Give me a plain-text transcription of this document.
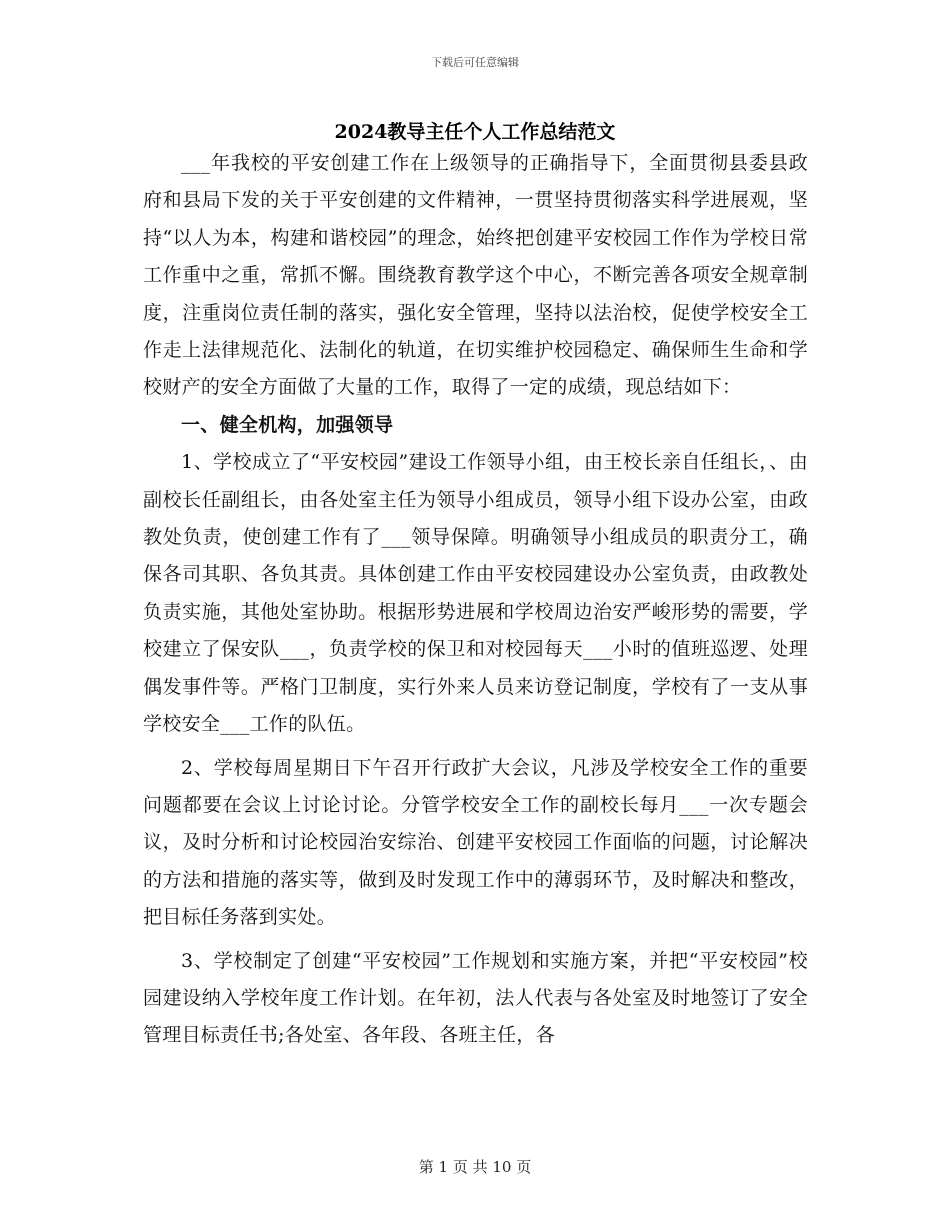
下载后可任意编辑
2024教导主任个人工作总结范文

___年我校的平安创建工作在上级领导的正确指导下，全面贯彻县委县政府和县局下发的关于平安创建的文件精神，一贯坚持贯彻落实科学进展观，坚持“以人为本，构建和谐校园”的理念，始终把创建平安校园工作作为学校日常工作重中之重，常抓不懈。围绕教育教学这个中心，不断完善各项安全规章制度，注重岗位责任制的落实，强化安全管理，坚持以法治校，促使学校安全工作走上法律规范化、法制化的轨道，在切实维护校园稳定、确保师生生命和学校财产的安全方面做了大量的工作，取得了一定的成绩，现总结如下：

一、健全机构，加强领导

1、学校成立了“平安校园”建设工作领导小组，由王校长亲自任组长，、由副校长任副组长，由各处室主任为领导小组成员，领导小组下设办公室，由政教处负责，使创建工作有了___领导保障。明确领导小组成员的职责分工，确保各司其职、各负其责。具体创建工作由平安校园建设办公室负责，由政教处负责实施，其他处室协助。根据形势进展和学校周边治安严峻形势的需要，学校建立了保安队___，负责学校的保卫和对校园每天___小时的值班巡逻、处理偶发事件等。严格门卫制度，实行外来人员来访登记制度，学校有了一支从事学校安全___工作的队伍。

2、学校每周星期日下午召开行政扩大会议，凡涉及学校安全工作的重要问题都要在会议上讨论讨论。分管学校安全工作的副校长每月___一次专题会议，及时分析和讨论校园治安综治、创建平安校园工作面临的问题，讨论解决的方法和措施的落实等，做到及时发现工作中的薄弱环节，及时解决和整改，把目标任务落到实处。

3、学校制定了创建“平安校园”工作规划和实施方案，并把“平安校园”校园建设纳入学校年度工作计划。在年初，法人代表与各处室及时地签订了安全管理目标责任书;各处室、各年段、各班主任，各

第 1 页 共 10 页
